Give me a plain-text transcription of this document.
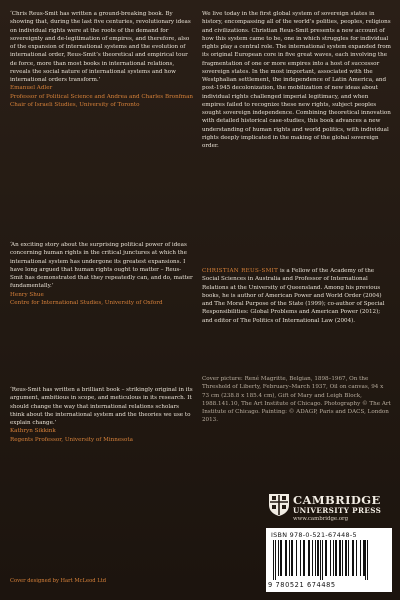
‘Chris Reus-Smit has written a ground-breaking book. By showing that, during the last five centuries, revolutionary ideas on individual rights were at the roots of the demand for sovereignty and de-legitimation of empires, and therefore, also of the expansion of international systems and the evolution of international order, Reus-Smit’s theoretical and empirical tour de force, more than most books in international relations, reveals the social nature of international systems and how international orders transform.’

Emanuel Adler
Professor of Political Science and Andrea and Charles Bronfman Chair of Israeli Studies, University of Toronto

‘An exciting story about the surprising political power of ideas concerning human rights in the critical junctures at which the international system has undergone its greatest expansions. I have long argued that human rights ought to matter – Reus-Smit has demonstrated that they repeatedly can, and do, matter fundamentally.’

Henry Shue
Centre for International Studies, University of Oxford

‘Reus-Smit has written a brilliant book – strikingly original in its argument, ambitious in scope, and meticulous in its research. It should change the way that international relations scholars think about the international system and the theories we use to explain change.’

Kathryn Sikkink
Regents Professor, University of Minnesota

We live today in the first global system of sovereign states in history, encompassing all of the world’s polities, peoples, religions and civilizations. Christian Reus-Smit presents a new account of how this system came to be, one in which struggles for individual rights play a central role. The international system expanded from its original European core in five great waves, each involving the fragmentation of one or more empires into a host of successor sovereign states. In the most important, associated with the Westphalian settlement, the independence of Latin America, and post-1945 decolonization, the mobilization of new ideas about individual rights challenged imperial legitimacy, and when empires failed to recognize these new rights, subject peoples sought sovereign independence. Combining theoretical innovation with detailed historical case-studies, this book advances a new understanding of human rights and world politics, with individual rights deeply implicated in the making of the global sovereign order.

CHRISTIAN REUS-SMIT is a Fellow of the Academy of the Social Sciences in Australia and Professor of International Relations at the University of Queensland. Among his previous books, he is author of American Power and World Order (2004) and The Moral Purpose of the State (1999); co-author of Special Responsibilities: Global Problems and American Power (2012); and editor of The Politics of International Law (2004).

Cover picture: René Magritte, Belgian, 1898–1967, On the Threshold of Liberty, February–March 1937, Oil on canvas, 94 x 73 cm (238.8 x 185.4 cm), Gift of Mary and Leigh Block, 1988.141.10, The Art Institute of Chicago. Photography © The Art Institute of Chicago. Painting: © ADAGP, Paris and DACS, London 2013.

Cover designed by Hart McLeod Ltd
CAMBRIDGE
UNIVERSITY PRESS
www.cambridge.org
ISBN 978-0-521-67448-5
9 780521 674485
